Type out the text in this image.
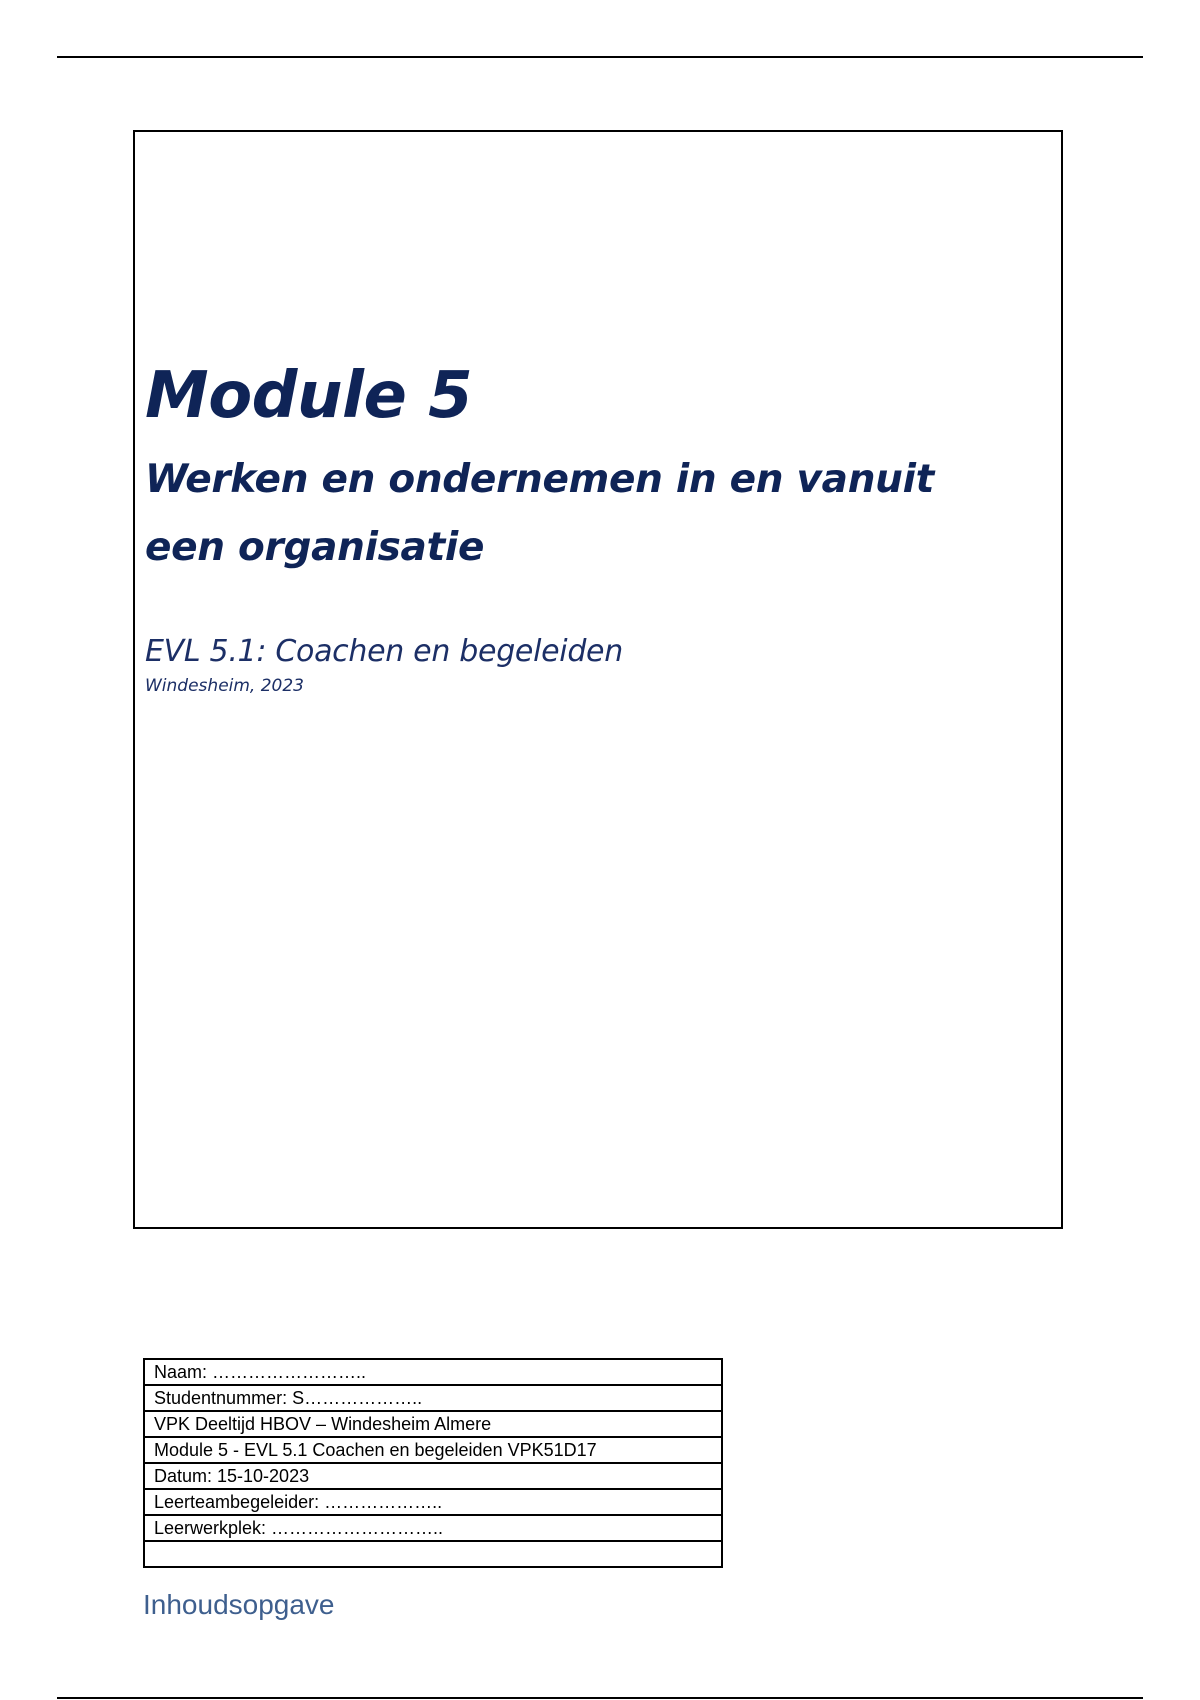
Module 5
Werken en ondernemen in en vanuit een organisatie

EVL 5.1: Coachen en begeleiden

Windesheim, 2023

Naam: ……………………..
Studentnummer: S………………..
VPK Deeltijd HBOV – Windesheim Almere
Module 5 - EVL 5.1 Coachen en begeleiden VPK51D17
Datum: 15-10-2023
Leerteambegeleider: ………………..
Leerwerkplek: ………………………..

Inhoudsopgave
